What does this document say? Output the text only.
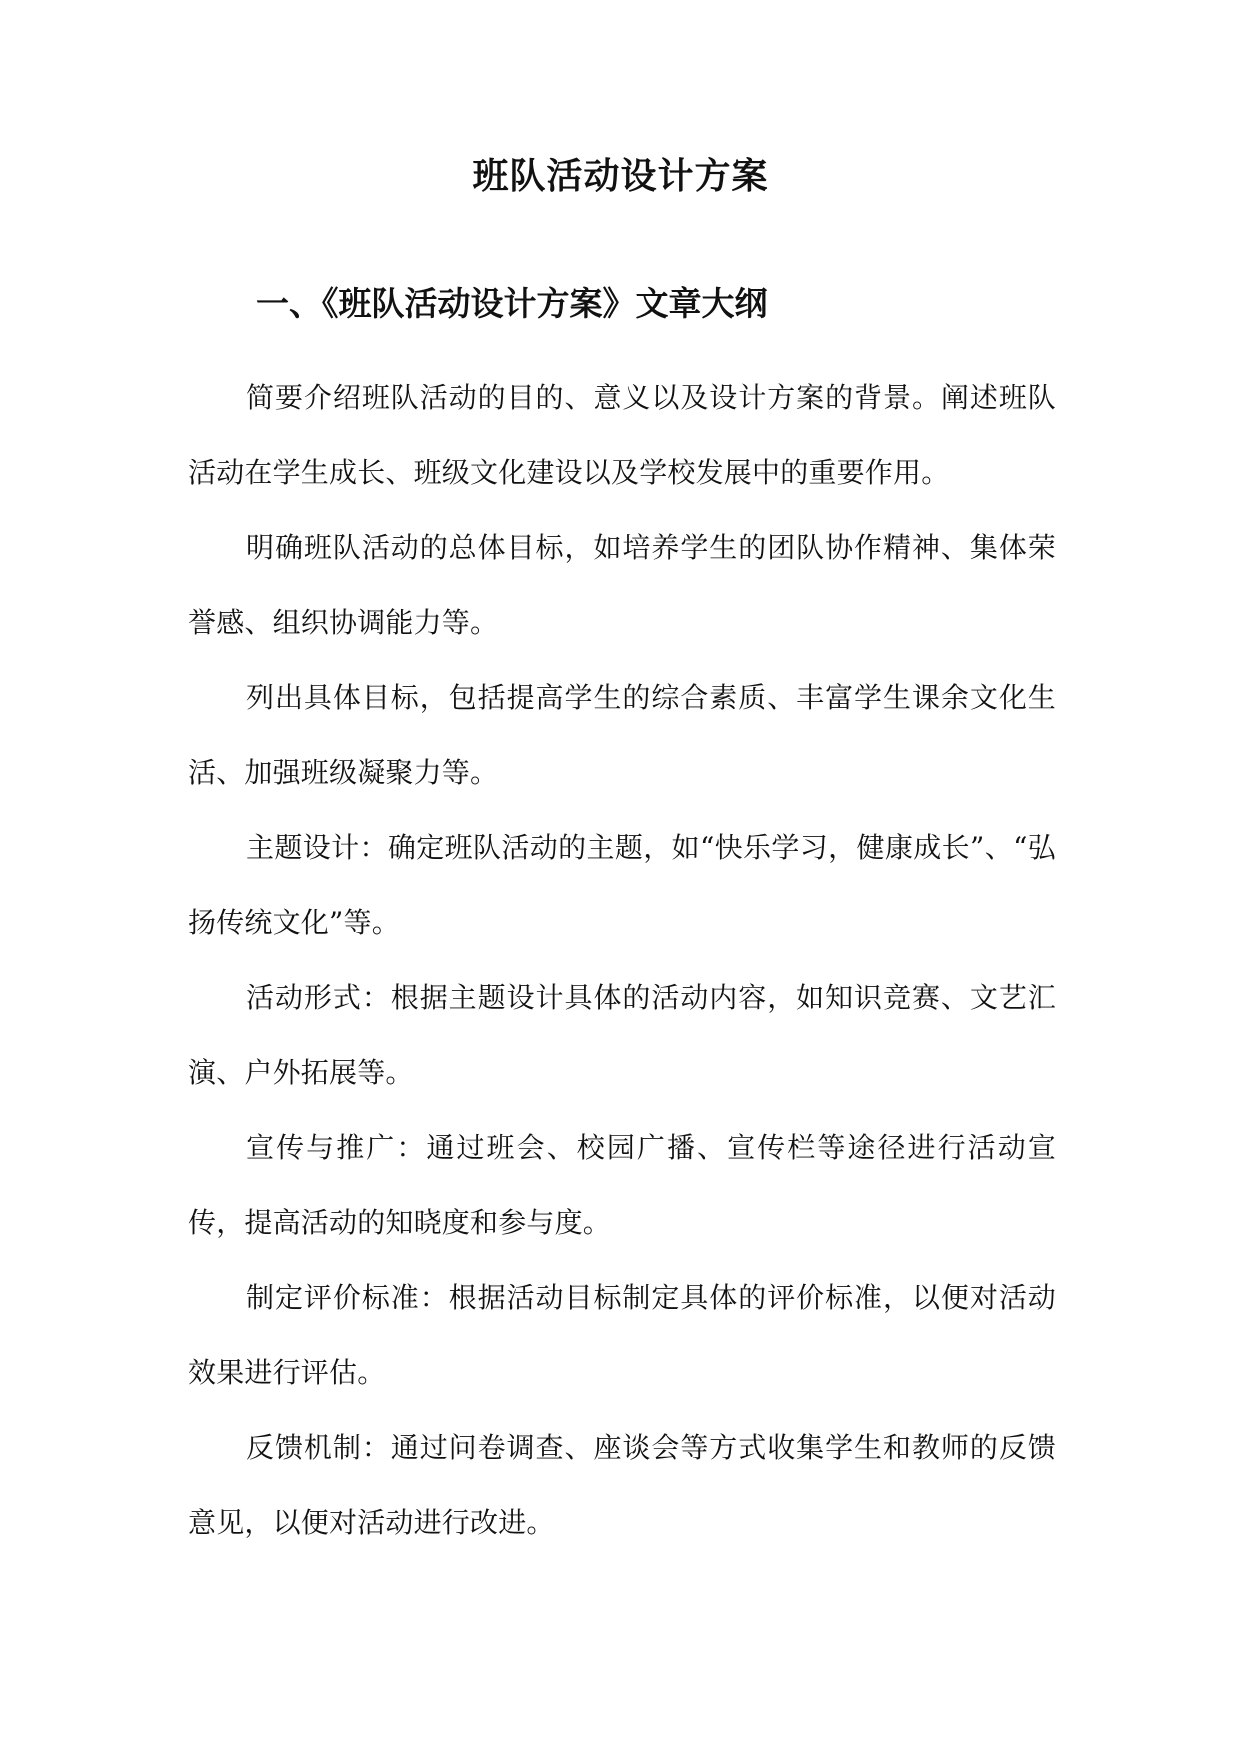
班队活动设计方案
一、《班队活动设计方案》文章大纲

简要介绍班队活动的目的、意义以及设计方案的背景。阐述班队活动在学生成长、班级文化建设以及学校发展中的重要作用。

明确班队活动的总体目标，如培养学生的团队协作精神、集体荣誉感、组织协调能力等。

列出具体目标，包括提高学生的综合素质、丰富学生课余文化生活、加强班级凝聚力等。

主题设计：确定班队活动的主题，如“快乐学习，健康成长”、“弘扬传统文化”等。

活动形式：根据主题设计具体的活动内容，如知识竞赛、文艺汇演、户外拓展等。

宣传与推广：通过班会、校园广播、宣传栏等途径进行活动宣传，提高活动的知晓度和参与度。

制定评价标准：根据活动目标制定具体的评价标准，以便对活动效果进行评估。

反馈机制：通过问卷调查、座谈会等方式收集学生和教师的反馈意见，以便对活动进行改进。
